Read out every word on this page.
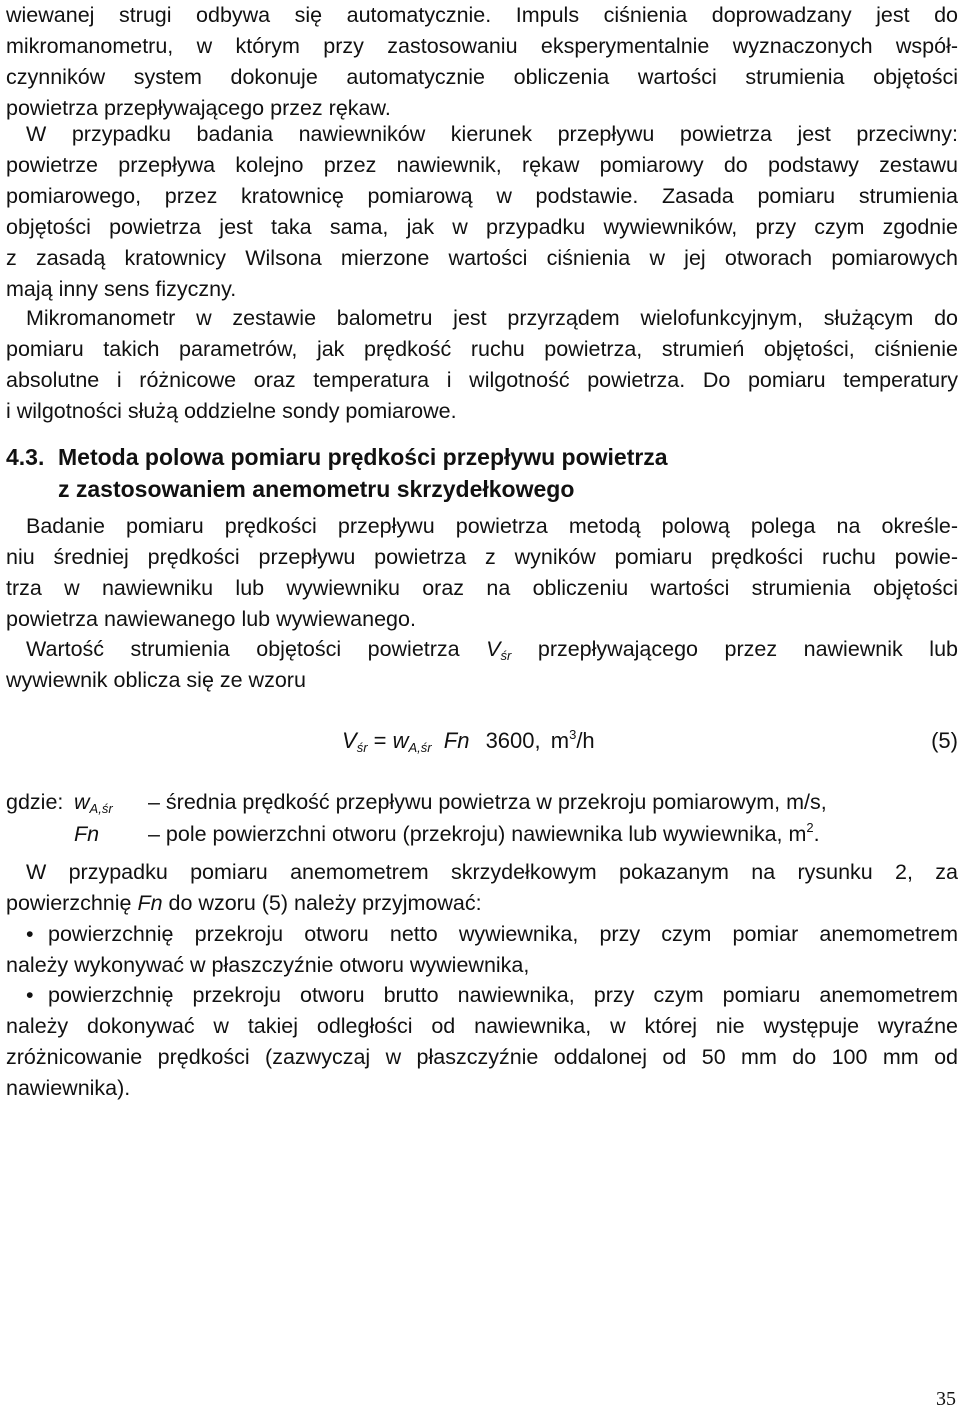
wiewanej strugi odbywa się automatycznie. Impuls ciśnienia doprowadzany jest do
mikromanometru, w którym przy zastosowaniu eksperymentalnie wyznaczonych współ-
czynników system dokonuje automatycznie obliczenia wartości strumienia objętości
powietrza przepływającego przez rękaw.
W przypadku badania nawiewników kierunek przepływu powietrza jest przeciwny:
powietrze przepływa kolejno przez nawiewnik, rękaw pomiarowy do podstawy zestawu
pomiarowego, przez kratownicę pomiarową w podstawie. Zasada pomiaru strumienia
objętości powietrza jest taka sama, jak w przypadku wywiewników, przy czym zgodnie
z zasadą kratownicy Wilsona mierzone wartości ciśnienia w jej otworach pomiarowych
mają inny sens fizyczny.
Mikromanometr w zestawie balometru jest przyrządem wielofunkcyjnym, służącym do
pomiaru takich parametrów, jak prędkość ruchu powietrza, strumień objętości, ciśnienie
absolutne i różnicowe oraz temperatura i wilgotność powietrza. Do pomiaru temperatury
i wilgotności służą oddzielne sondy pomiarowe.
4.3. Metoda polowa pomiaru prędkości przepływu powietrza
z zastosowaniem anemometru skrzydełkowego
Badanie pomiaru prędkości przepływu powietrza metodą polową polega na określe-
niu średniej prędkości przepływu powietrza z wyników pomiaru prędkości ruchu powie-
trza w nawiewniku lub wywiewniku oraz na obliczeniu wartości strumienia objętości
powietrza nawiewanego lub wywiewanego.
Wartość strumienia objętości powietrza $V_{śr}$ przepływającego przez nawiewnik lub
wywiewnik oblicza się ze wzoru
$V_{śr} = w_{A,śr}$ Fn 3600, $m^3/h$	(5)
gdzie: $w_{A,śr}$ – średnia prędkość przepływu powietrza w przekroju pomiarowym, m/s,
Fn – pole powierzchni otworu (przekroju) nawiewnika lub wywiewnika, $m^2$.
W przypadku pomiaru anemometrem skrzydełkowym pokazanym na rysunku 2, za
powierzchnię Fn do wzoru (5) należy przyjmować:
• powierzchnię przekroju otworu netto wywiewnika, przy czym pomiar anemometrem
należy wykonywać w płaszczyźnie otworu wywiewnika,
• powierzchnię przekroju otworu brutto nawiewnika, przy czym pomiaru anemometrem
należy dokonywać w takiej odległości od nawiewnika, w której nie występuje wyraźne
zróżnicowanie prędkości (zazwyczaj w płaszczyźnie oddalonej od 50 mm do 100 mm od
nawiewnika).
35
